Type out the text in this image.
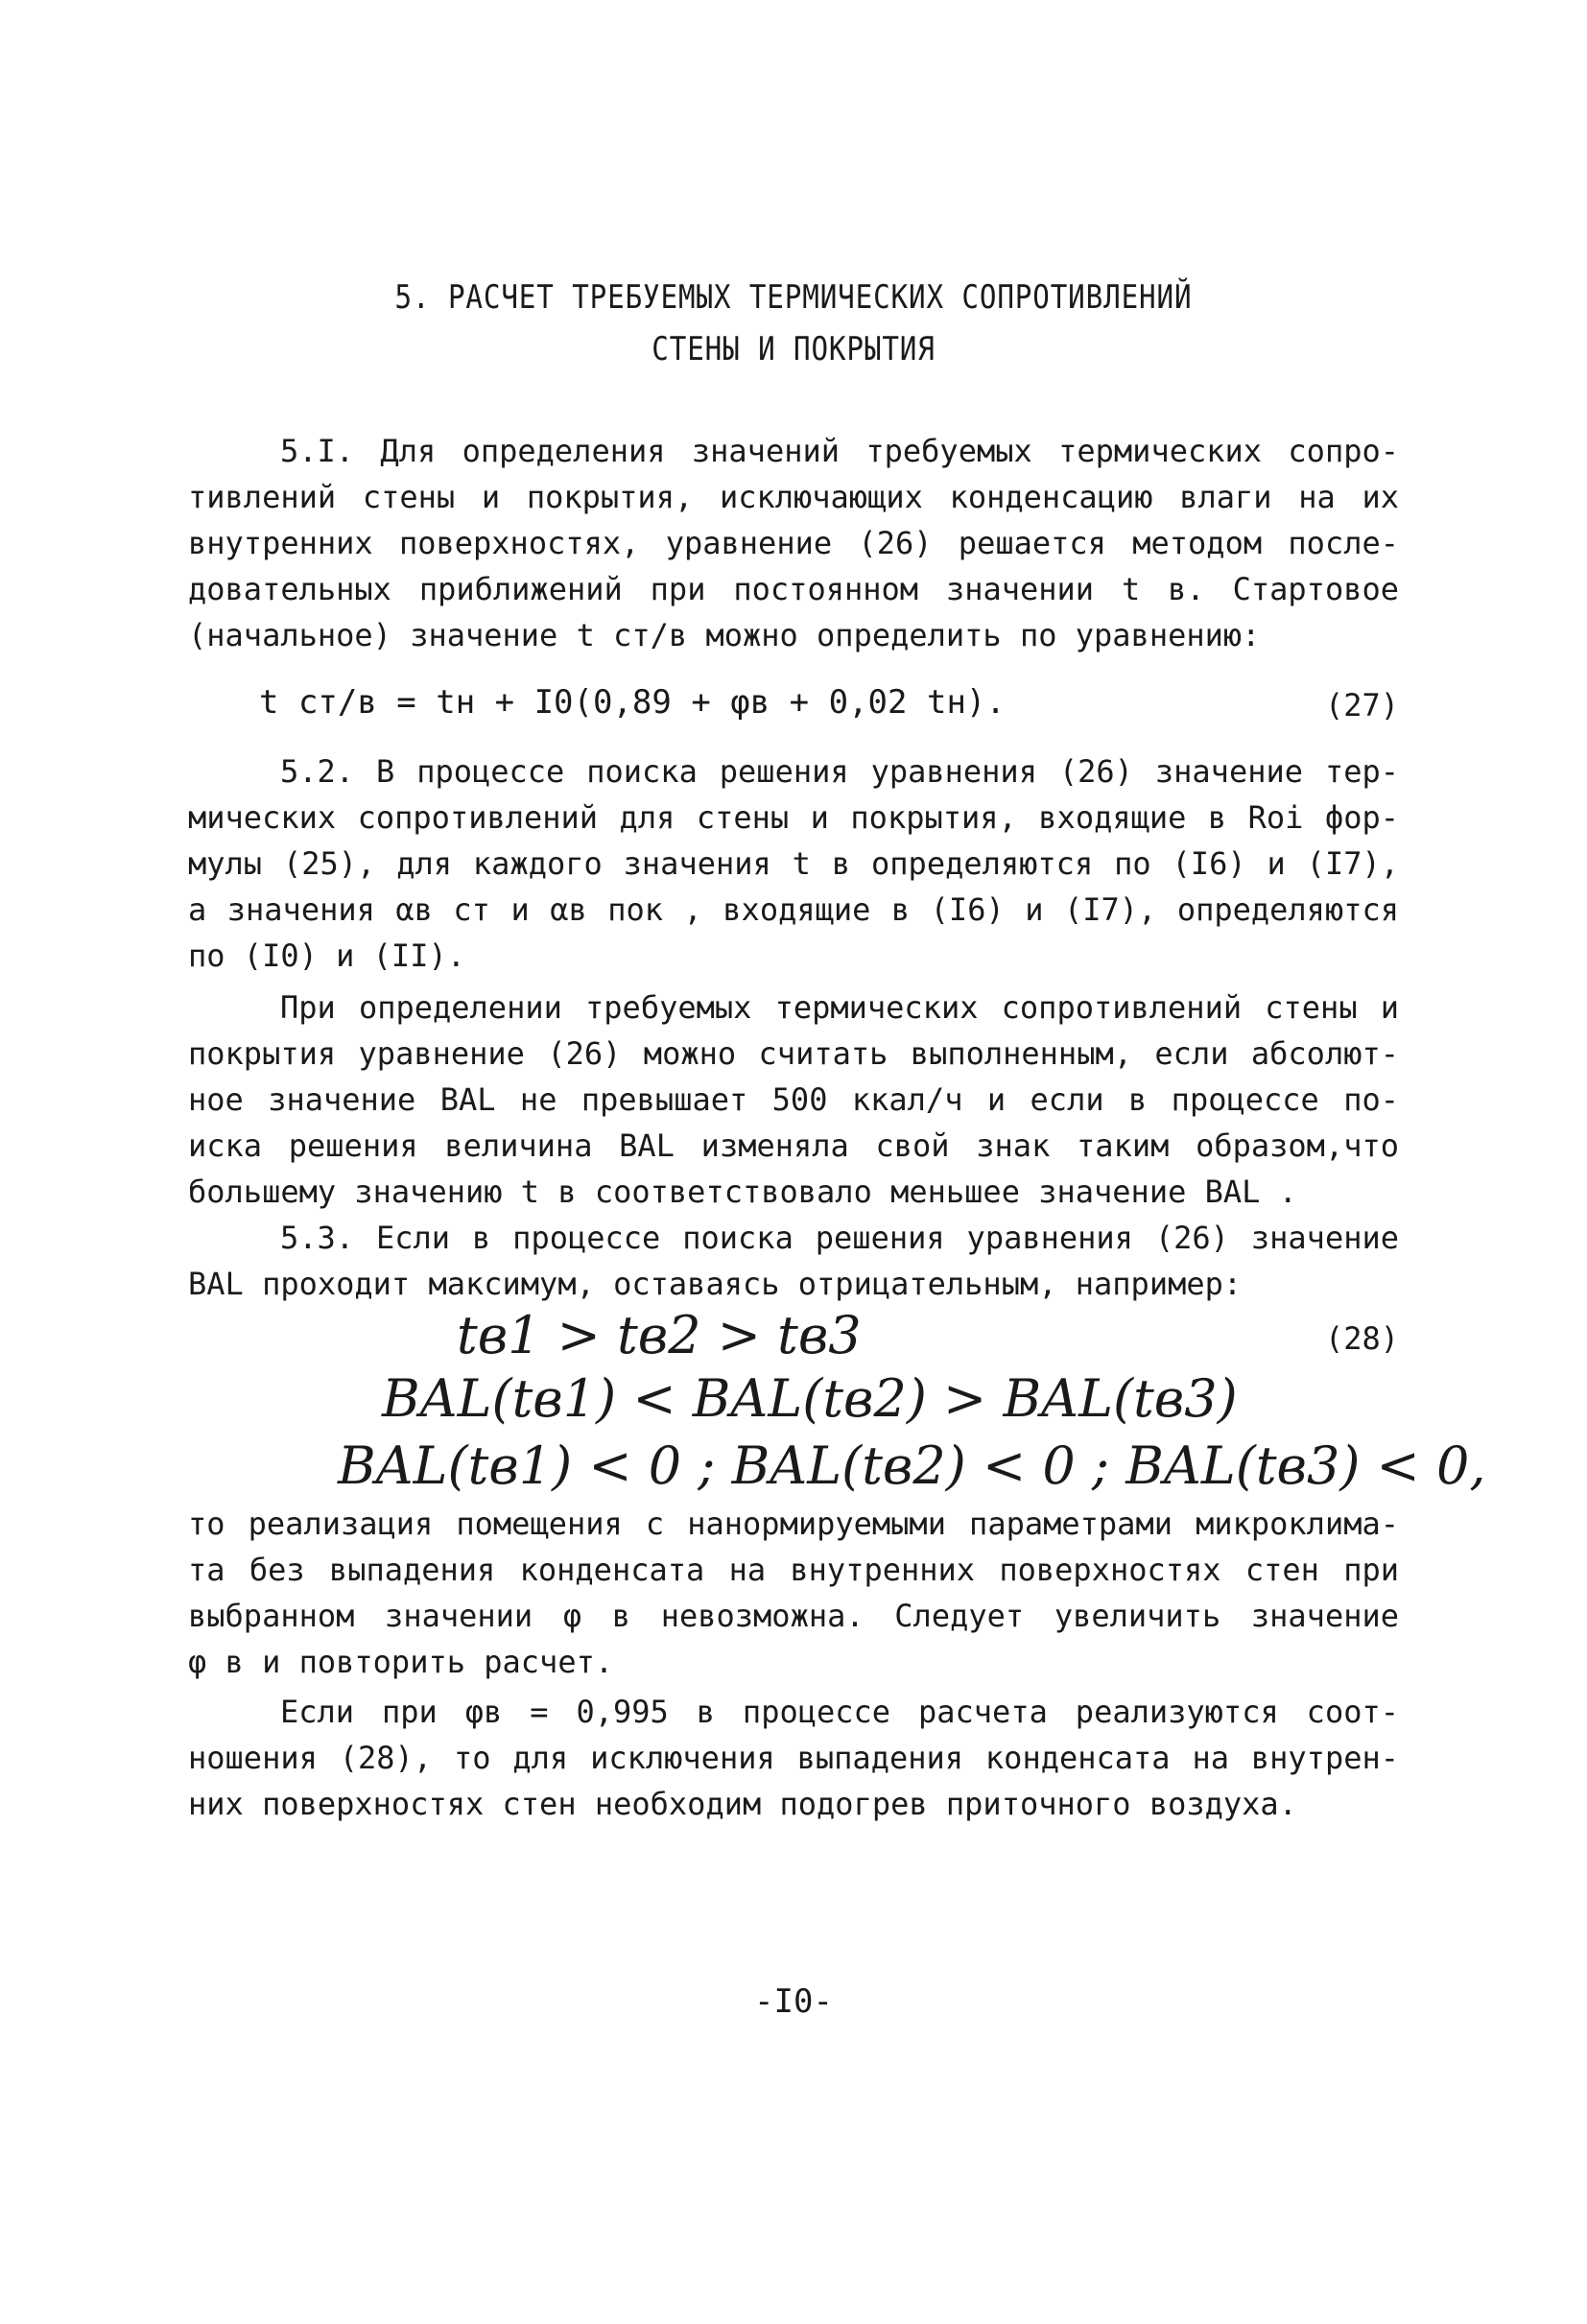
5. РАСЧЕТ ТРЕБУЕМЫХ ТЕРМИЧЕСКИХ СОПРОТИВЛЕНИЙ
СТЕНЫ И ПОКРЫТИЯ
5.I. Для определения значений требуемых термических сопро-
тивлений стены и покрытия, исключающих конденсацию влаги на их
внутренних поверхностях, уравнение (26) решается методом после-
довательных приближений при постоянном значении t в. Стартовое
(начальное) значение t ст/в можно определить по уравнению:
t ст/в = tн + I0(0,89 + φв + 0,02 tн).	(27)
5.2. В процессе поиска решения уравнения (26) значение тер-
мических сопротивлений для стены и покрытия, входящие в Roi фор-
мулы (25), для каждого значения t в определяются по (I6) и (I7),
а значения αв ст и αв пок , входящие в (I6) и (I7), определяются
по (I0) и (II).
При определении требуемых термических сопротивлений стены и
покрытия уравнение (26) можно считать выполненным, если абсолют-
ное значение BAL не превышает 500 ккал/ч и если в процессе по-
иска решения величина BAL изменяла свой знак таким образом,что
большему значению t в соответствовало меньшее значение BAL .
5.3. Если в процессе поиска решения уравнения (26) значение
BAL проходит максимум, оставаясь отрицательным, например:
tв1 > tв2 > tв3	(28)
BAL(tв1) < BAL(tв2) > BAL(tв3)
BAL(tв1) < 0 ; BAL(tв2) < 0 ; BAL(tв3) < 0,
то реализация помещения с нанормируемыми параметрами микроклима-
та без выпадения конденсата на внутренних поверхностях стен при
выбранном значении φ в невозможна. Следует увеличить значение
φ в и повторить расчет.
Если при φв = 0,995 в процессе расчета реализуются соот-
ношения (28), то для исключения выпадения конденсата на внутрен-
них поверхностях стен необходим подогрев приточного воздуха.
-I0-
